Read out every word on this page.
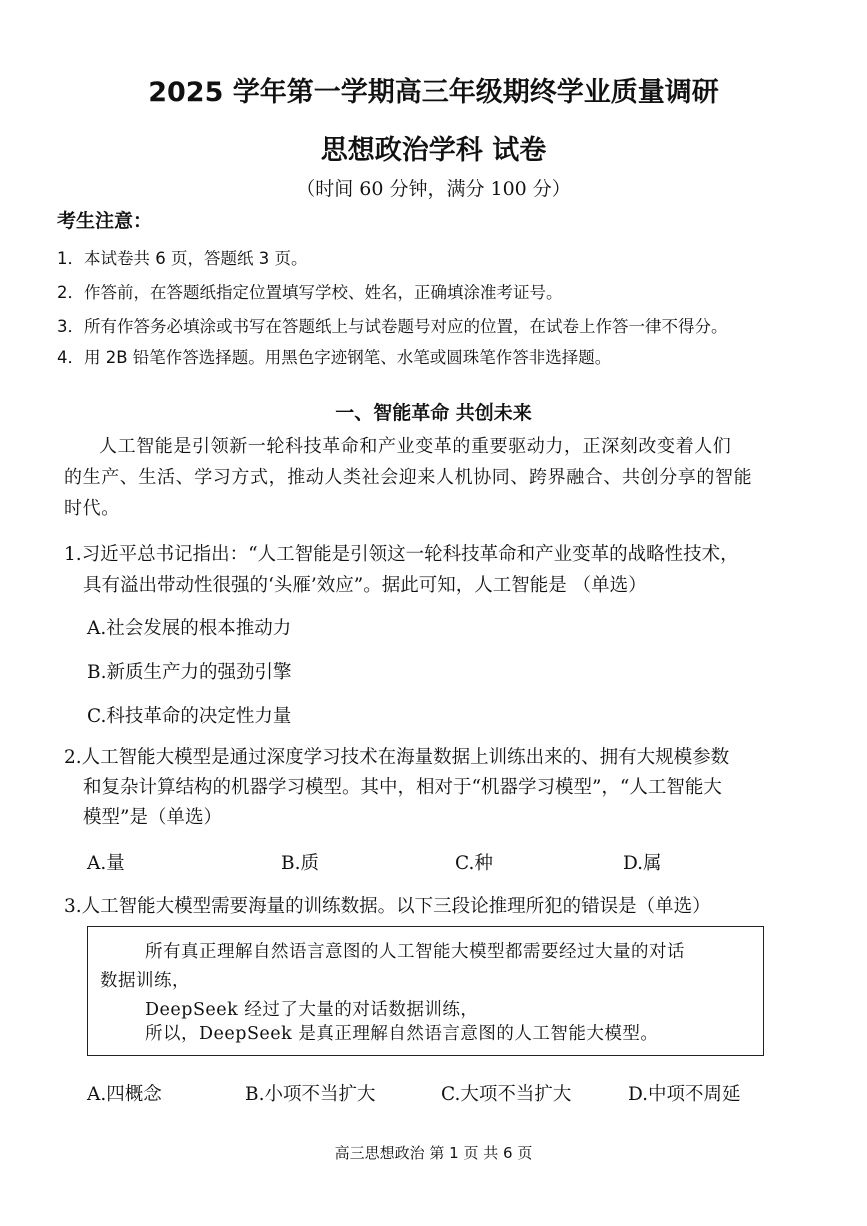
2025 学年第一学期高三年级期终学业质量调研
思想政治学科 试卷
（时间 60 分钟，满分 100 分）
考生注意：
1．本试卷共 6 页，答题纸 3 页。
2．作答前，在答题纸指定位置填写学校、姓名，正确填涂准考证号。
3．所有作答务必填涂或书写在答题纸上与试卷题号对应的位置，在试卷上作答一律不得分。
4．用 2B 铅笔作答选择题。用黑色字迹钢笔、水笔或圆珠笔作答非选择题。
一、智能革命 共创未来
人工智能是引领新一轮科技革命和产业变革的重要驱动力，正深刻改变着人们
的生产、生活、学习方式，推动人类社会迎来人机协同、跨界融合、共创分享的智能
时代。
1.习近平总书记指出：“人工智能是引领这一轮科技革命和产业变革的战略性技术，
具有溢出带动性很强的‘头雁’效应”。据此可知，人工智能是 （单选）
A.社会发展的根本推动力
B.新质生产力的强劲引擎
C.科技革命的决定性力量
2.人工智能大模型是通过深度学习技术在海量数据上训练出来的、拥有大规模参数
和复杂计算结构的机器学习模型。其中，相对于“机器学习模型”，“人工智能大
模型”是（单选）
A.量	B.质	C.种	D.属
3.人工智能大模型需要海量的训练数据。以下三段论推理所犯的错误是（单选）
所有真正理解自然语言意图的人工智能大模型都需要经过大量的对话
数据训练，
DeepSeek 经过了大量的对话数据训练，
所以，DeepSeek 是真正理解自然语言意图的人工智能大模型。
A.四概念	B.小项不当扩大	C.大项不当扩大	D.中项不周延
高三思想政治 第 1 页 共 6 页
